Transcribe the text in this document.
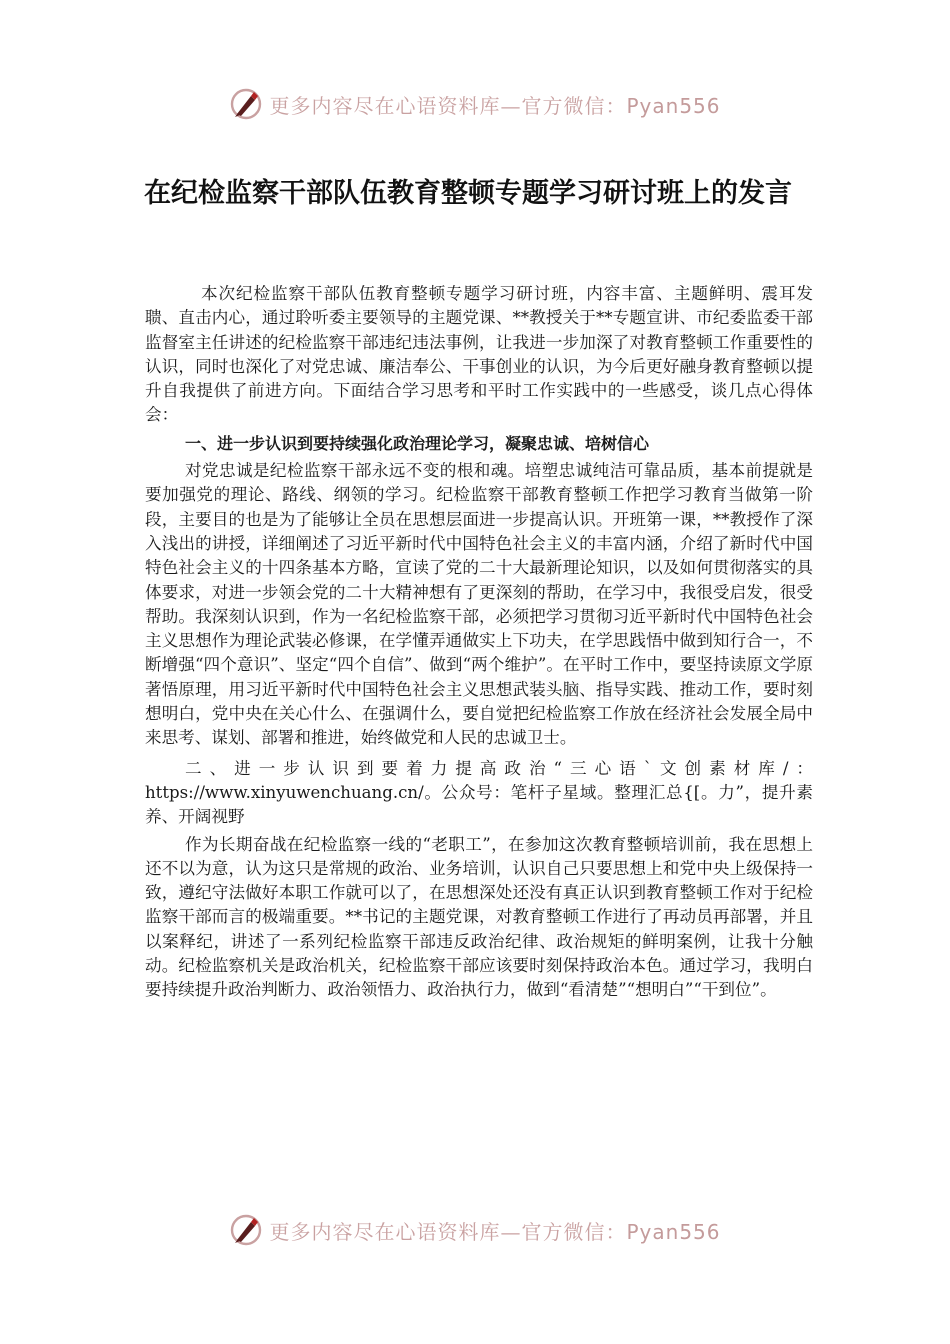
更多内容尽在心语资料库—官方微信：Pyan556
在纪检监察干部队伍教育整顿专题学习研讨班上的发言

本次纪检监察干部队伍教育整顿专题学习研讨班，内容丰富、主题鲜明、震耳发聩、直击内心，通过聆听委主要领导的主题党课、**教授关于**专题宣讲、市纪委监委干部监督室主任讲述的纪检监察干部违纪违法事例，让我进一步加深了对教育整顿工作重要性的认识，同时也深化了对党忠诚、廉洁奉公、干事创业的认识，为今后更好融身教育整顿以提升自我提供了前进方向。下面结合学习思考和平时工作实践中的一些感受，谈几点心得体会：

一、进一步认识到要持续强化政治理论学习，凝聚忠诚、培树信心

对党忠诚是纪检监察干部永远不变的根和魂。培塑忠诚纯洁可靠品质，基本前提就是要加强党的理论、路线、纲领的学习。纪检监察干部教育整顿工作把学习教育当做第一阶段，主要目的也是为了能够让全员在思想层面进一步提高认识。开班第一课，**教授作了深入浅出的讲授，详细阐述了习近平新时代中国特色社会主义的丰富内涵，介绍了新时代中国特色社会主义的十四条基本方略，宣读了党的二十大最新理论知识，以及如何贯彻落实的具体要求，对进一步领会党的二十大精神想有了更深刻的帮助，在学习中，我很受启发，很受帮助。我深刻认识到，作为一名纪检监察干部，必须把学习贯彻习近平新时代中国特色社会主义思想作为理论武装必修课，在学懂弄通做实上下功夫，在学思践悟中做到知行合一，不断增强“四个意识”、坚定“四个自信”、做到“两个维护”。在平时工作中，要坚持读原文学原著悟原理，用习近平新时代中国特色社会主义思想武装头脑、指导实践、推动工作，要时刻想明白，党中央在关心什么、在强调什么，要自觉把纪检监察工作放在经济社会发展全局中来思考、谋划、部署和推进，始终做党和人民的忠诚卫士。

二、进一步认识到要着力提高政治“三心语`文创素材库/：https://www.xinyuwenchuang.cn/。公众号：笔杆子星域。整理汇总{[。力”，提升素养、开阔视野

作为长期奋战在纪检监察一线的“老职工”，在参加这次教育整顿培训前，我在思想上还不以为意，认为这只是常规的政治、业务培训，认识自己只要思想上和党中央上级保持一致，遵纪守法做好本职工作就可以了，在思想深处还没有真正认识到教育整顿工作对于纪检监察干部而言的极端重要。**书记的主题党课，对教育整顿工作进行了再动员再部署，并且以案释纪，讲述了一系列纪检监察干部违反政治纪律、政治规矩的鲜明案例，让我十分触动。纪检监察机关是政治机关，纪检监察干部应该要时刻保持政治本色。通过学习，我明白要持续提升政治判断力、政治领悟力、政治执行力，做到“看清楚”“想明白”“干到位”。

更多内容尽在心语资料库—官方微信：Pyan556
